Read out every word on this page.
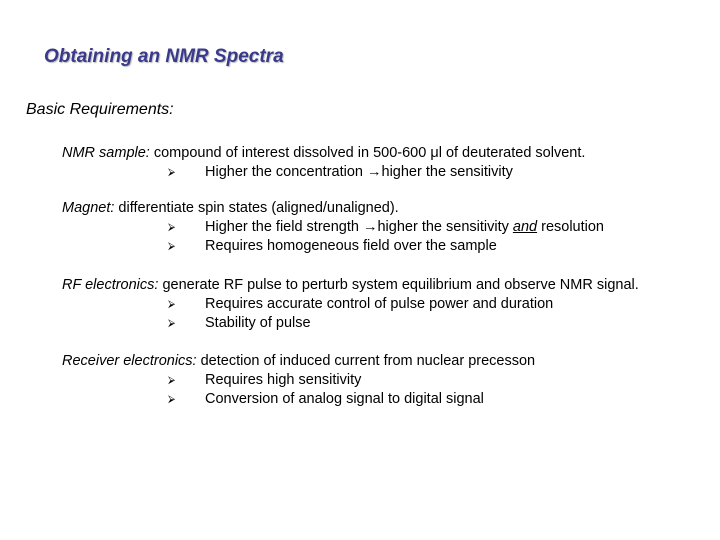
Obtaining an NMR Spectra
Basic Requirements:
NMR sample: compound of interest dissolved in 500-600 μl of deuterated solvent.
⮚ Higher the concentration →higher the sensitivity
Magnet: differentiate spin states (aligned/unaligned).
⮚ Higher the field strength →higher the sensitivity and resolution
⮚ Requires homogeneous field over the sample
RF electronics: generate RF pulse to perturb system equilibrium and observe NMR signal.
⮚ Requires accurate control of pulse power and duration
⮚ Stability of pulse
Receiver electronics: detection of induced current from nuclear precesson
⮚ Requires high sensitivity
⮚ Conversion of analog signal to digital signal
